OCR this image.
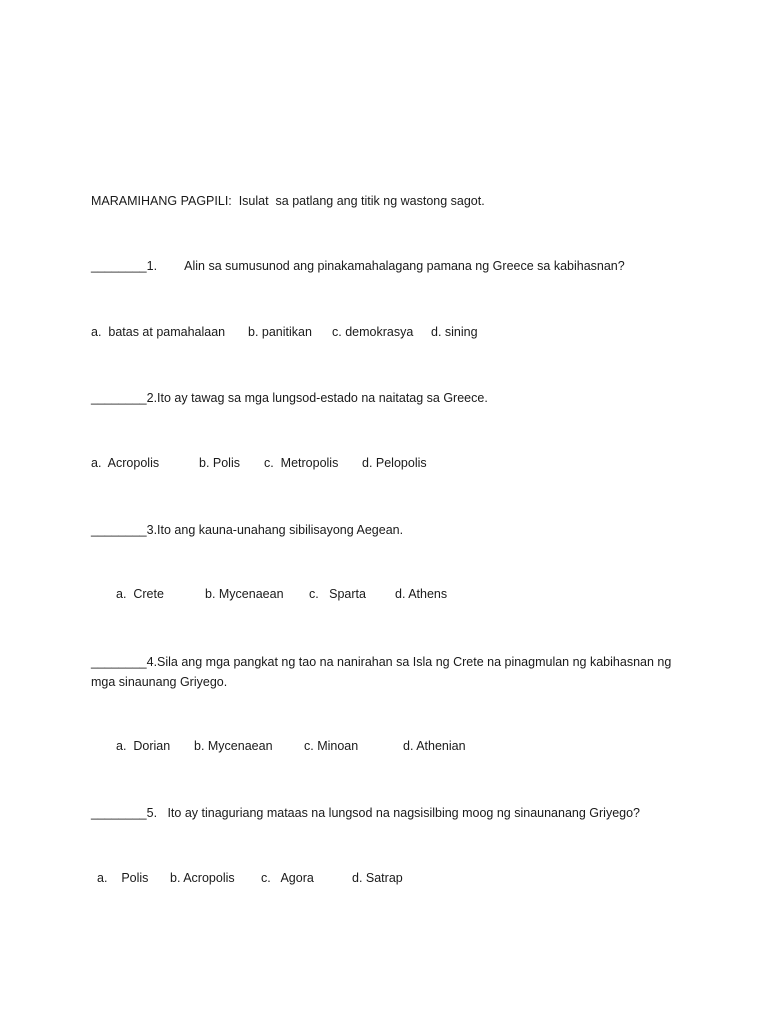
MARAMIHANG PAGPILI:  Isulat  sa patlang ang titik ng wastong sagot.
________1.        Alin sa sumusunod ang pinakamahalagang pamana ng Greece sa kabihasnan?
a.  batas at pamahalaan b. panitikan c. demokrasya d. sining
________2.Ito ay tawag sa mga lungsod-estado na naitatag sa Greece.
a.  Acropolis	b. Polis c.  Metropolis d. Pelopolis
________3.Ito ang kauna-unahang sibilisayong Aegean.
a.  Crete	b. Mycenaean c.   Sparta d. Athens
________4.Sila ang mga pangkat ng tao na nanirahan sa Isla ng Crete na pinagmulan ng kabihasnan ng
mga sinaunang Griyego.
a.  Dorian b. Mycenaean	c. Minoan	d. Athenian
________5.   Ito ay tinaguriang mataas na lungsod na nagsisilbing moog ng sinaunanang Griyego?
a.    Polis b. Acropolis c.   Agora	d. Satrap
